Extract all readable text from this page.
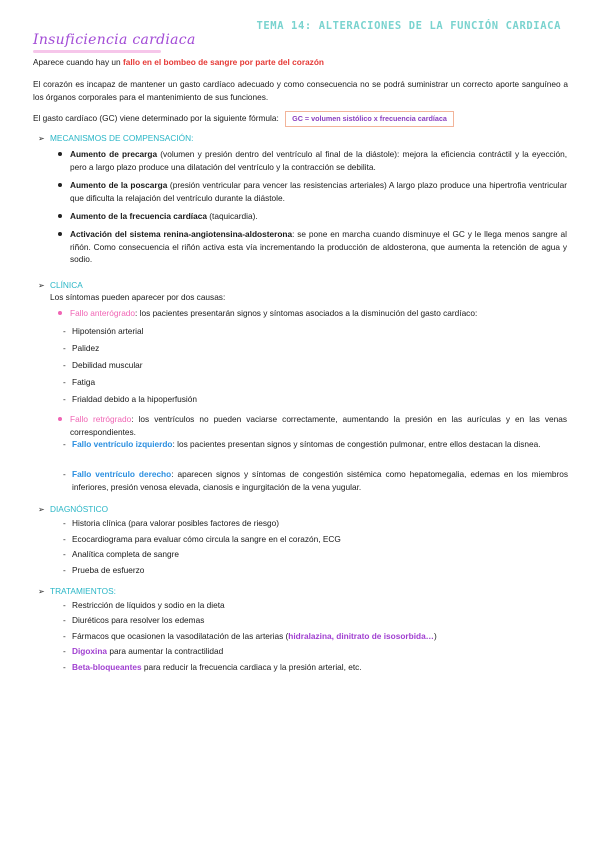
TEMA 14: ALTERACIONES DE LA FUNCIÓN CARDIACA
Insuficiencia cardiaca

Aparece cuando hay un fallo en el bombeo de sangre por parte del corazón

El corazón es incapaz de mantener un gasto cardíaco adecuado y como consecuencia no se podrá suministrar un correcto aporte sanguíneo a los órganos corporales para el mantenimiento de sus funciones.

El gasto cardíaco (GC) viene determinado por la siguiente fórmula: GC = volumen sistólico x frecuencia cardíaca
➢ MECANISMOS DE COMPENSACIÓN:

Aumento de precarga (volumen y presión dentro del ventrículo al final de la diástole): mejora la eficiencia contráctil y la eyección, pero a largo plazo produce una dilatación del ventrículo y la contracción se debilita.

Aumento de la poscarga (presión ventricular para vencer las resistencias arteriales) A largo plazo produce una hipertrofia ventricular que dificulta la relajación del ventrículo durante la diástole.

Aumento de la frecuencia cardíaca (taquicardia).

Activación del sistema renina-angiotensina-aldosterona: se pone en marcha cuando disminuye el GC y le llega menos sangre al riñón. Como consecuencia el riñón activa esta vía incrementando la producción de aldosterona, que aumenta la retención de agua y sodio.

➢ CLÍNICA

Los síntomas pueden aparecer por dos causas:

Fallo anterógrado: los pacientes presentarán signos y síntomas asociados a la disminución del gasto cardíaco:

- Hipotensión arterial
- Palidez
- Debilidad muscular
- Fatiga
- Frialdad debido a la hipoperfusión

Fallo retrógrado: los ventrículos no pueden vaciarse correctamente, aumentando la presión en las aurículas y en las venas correspondientes.

- Fallo ventrículo izquierdo: los pacientes presentan signos y síntomas de congestión pulmonar, entre ellos destacan la disnea.

- Fallo ventrículo derecho: aparecen signos y síntomas de congestión sistémica como hepatomegalia, edemas en los miembros inferiores, presión venosa elevada, cianosis e ingurgitación de la vena yugular.

➢ DIAGNÓSTICO
- Historia clínica (para valorar posibles factores de riesgo)
- Ecocardiograma para evaluar cómo circula la sangre en el corazón, ECG
- Analítica completa de sangre
- Prueba de esfuerzo
➢ TRATAMIENTOS:
- Restricción de líquidos y sodio en la dieta
- Diuréticos para resolver los edemas
- Fármacos que ocasionen la vasodilatación de las arterias (hidralazina, dinitrato de isosorbida…)
- Digoxina para aumentar la contractilidad
- Beta-bloqueantes para reducir la frecuencia cardiaca y la presión arterial, etc.
